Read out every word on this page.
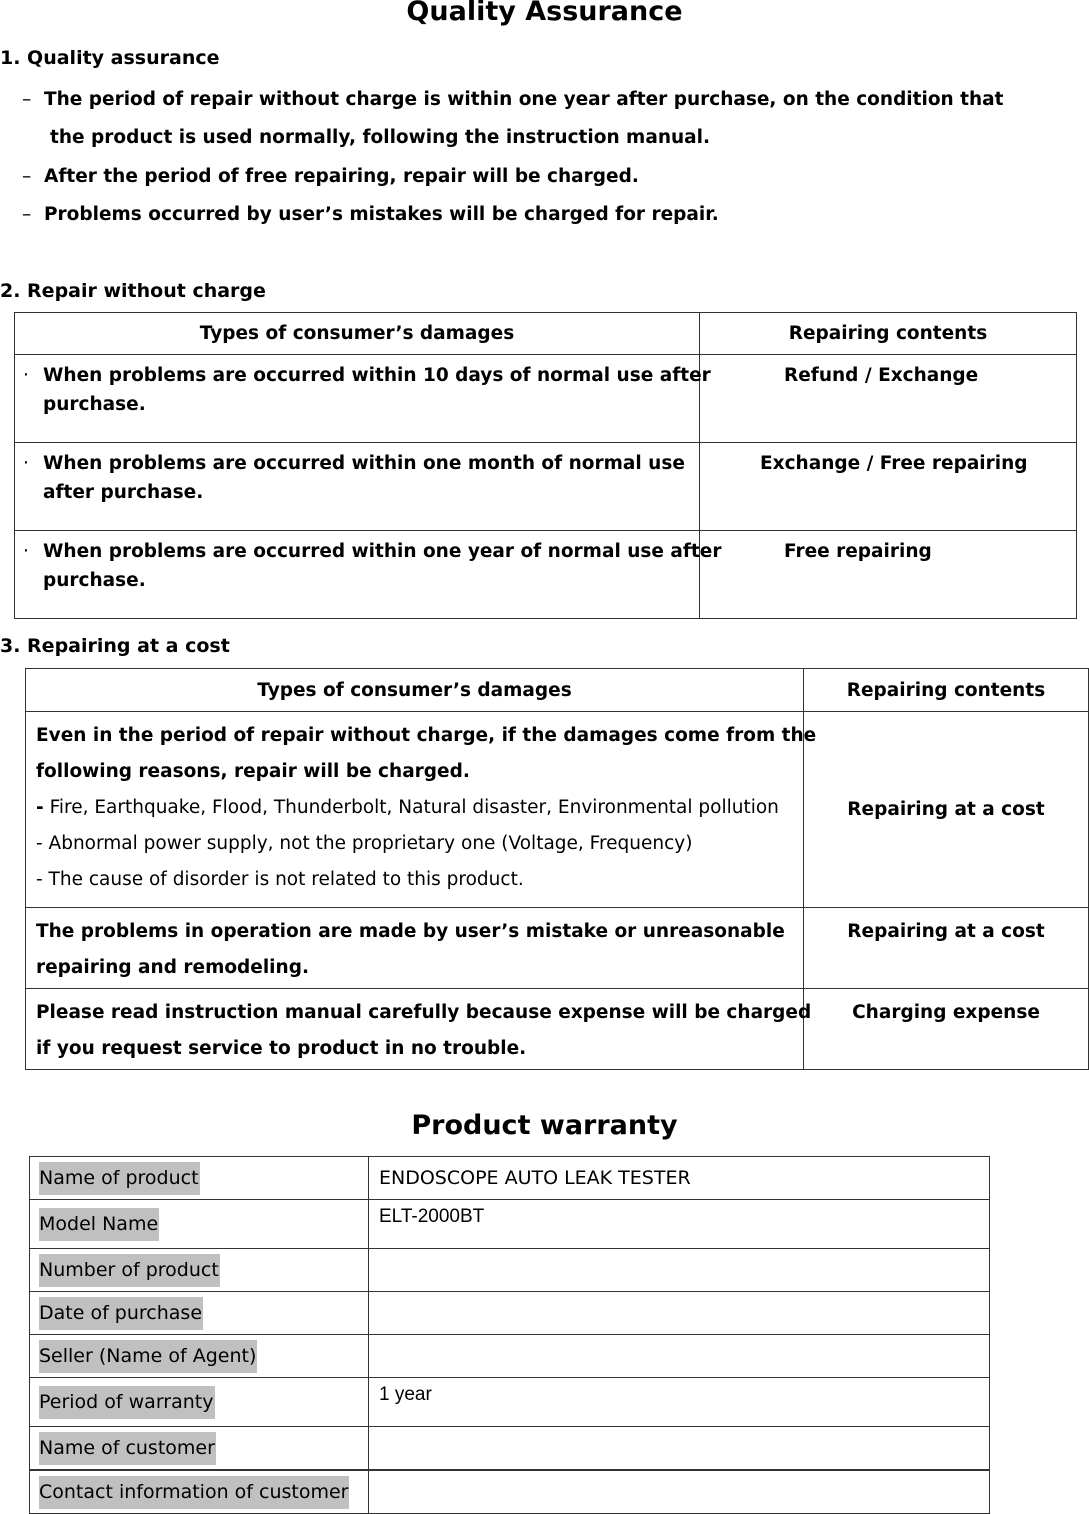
Quality Assurance
1. Quality assurance
– The period of repair without charge is within one year after purchase, on the condition that
the product is used normally, following the instruction manual.
– After the period of free repairing, repair will be charged.
– Problems occurred by user’s mistakes will be charged for repair.
2. Repair without charge
Types of consumer’s damages	Repairing contents

· When problems are occurred within 10 days of normal use after
purchase.	Refund / Exchange

· When problems are occurred within one month of normal use
after purchase.	Exchange / Free repairing

· When problems are occurred within one year of normal use after
purchase.	Free repairing
3. Repairing at a cost
Types of consumer’s damages	Repairing contents

Even in the period of repair without charge, if the damages come from the
following reasons, repair will be charged.
- Fire, Earthquake, Flood, Thunderbolt, Natural disaster, Environmental pollution
- Abnormal power supply, not the proprietary one (Voltage, Frequency)
- The cause of disorder is not related to this product.	Repairing at a cost

The problems in operation are made by user’s mistake or unreasonable
repairing and remodeling.	Repairing at a cost

Please read instruction manual carefully because expense will be charged
if you request service to product in no trouble.	Charging expense
Product warranty
Name of product	ENDOSCOPE AUTO LEAK TESTER
Model Name	ELT-2000BT
Number of product	
Date of purchase	
Seller (Name of Agent)	
Period of warranty	1 year
Name of customer	
Contact information of customer	
